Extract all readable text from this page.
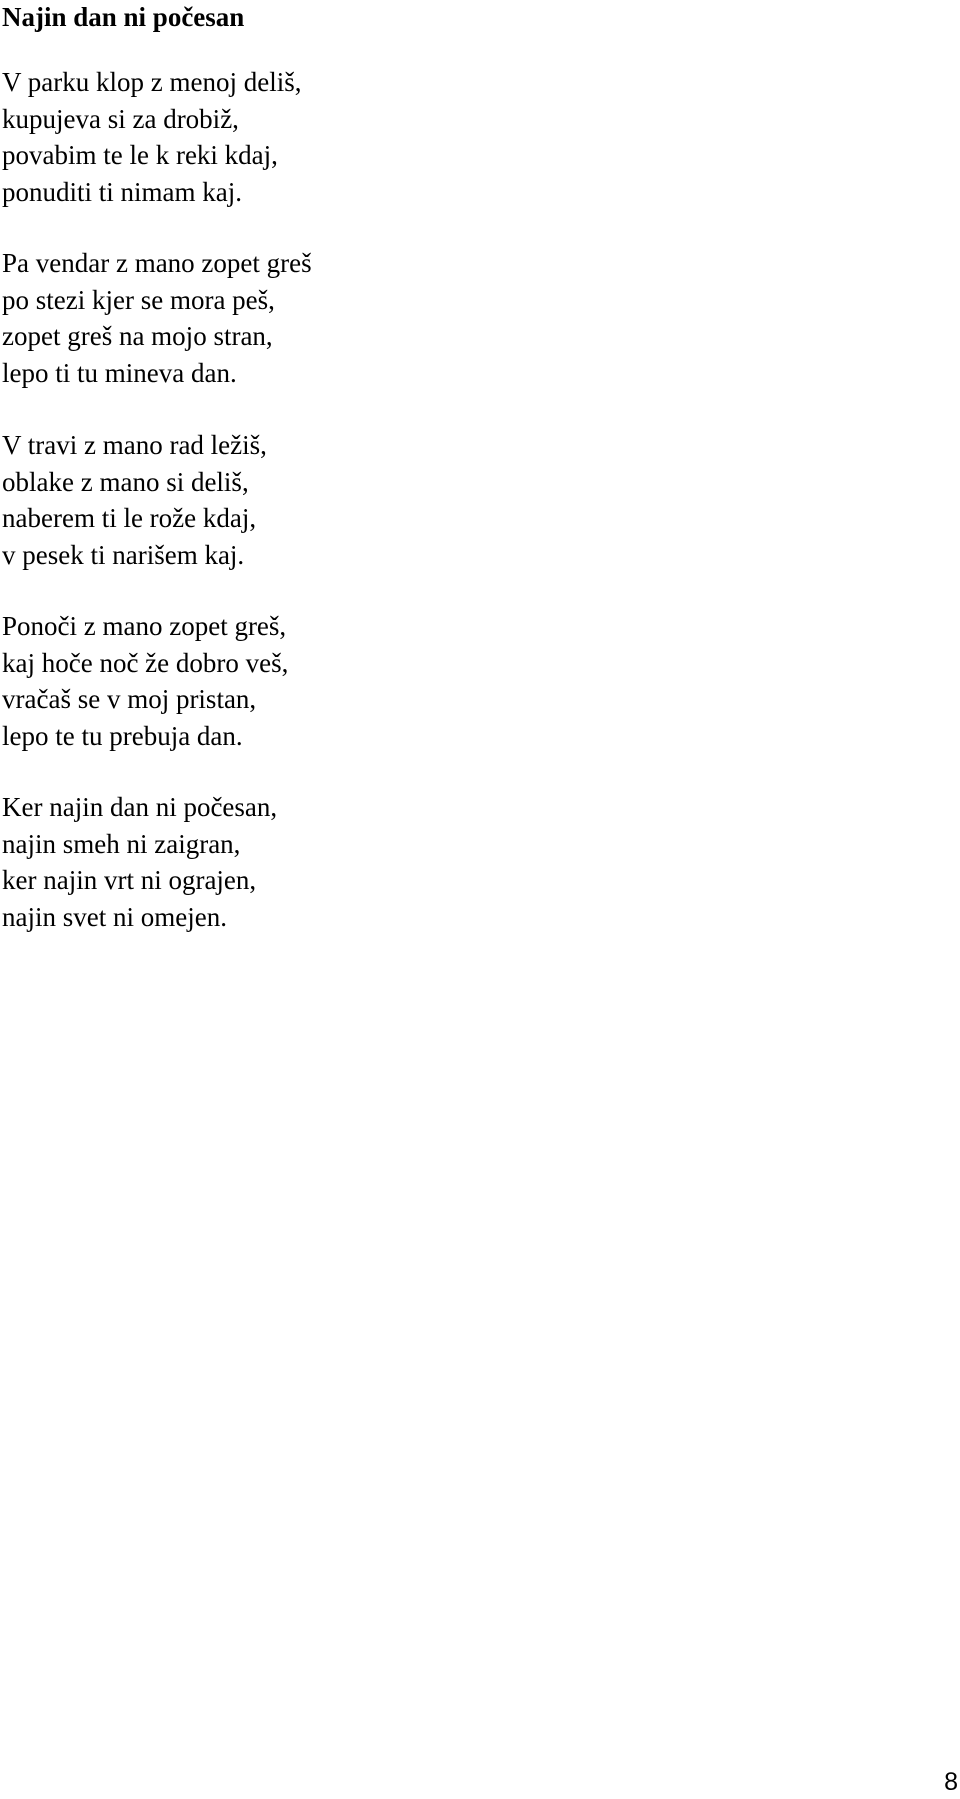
Najin dan ni počesan
V parku klop z menoj deliš,
kupujeva si za drobiž,
povabim te le k reki kdaj,
ponuditi ti nimam kaj.
Pa vendar z mano zopet greš
po stezi kjer se mora peš,
zopet greš na mojo stran,
lepo ti tu mineva dan.
V travi z mano rad ležiš,
oblake z mano si deliš,
naberem ti le rože kdaj,
v pesek ti narišem kaj.
Ponoči z mano zopet greš,
kaj hoče noč že dobro veš,
vračaš se v moj pristan,
lepo te tu prebuja dan.
Ker najin dan ni počesan,
najin smeh ni zaigran,
ker najin vrt ni ograjen,
najin svet ni omejen.
8
